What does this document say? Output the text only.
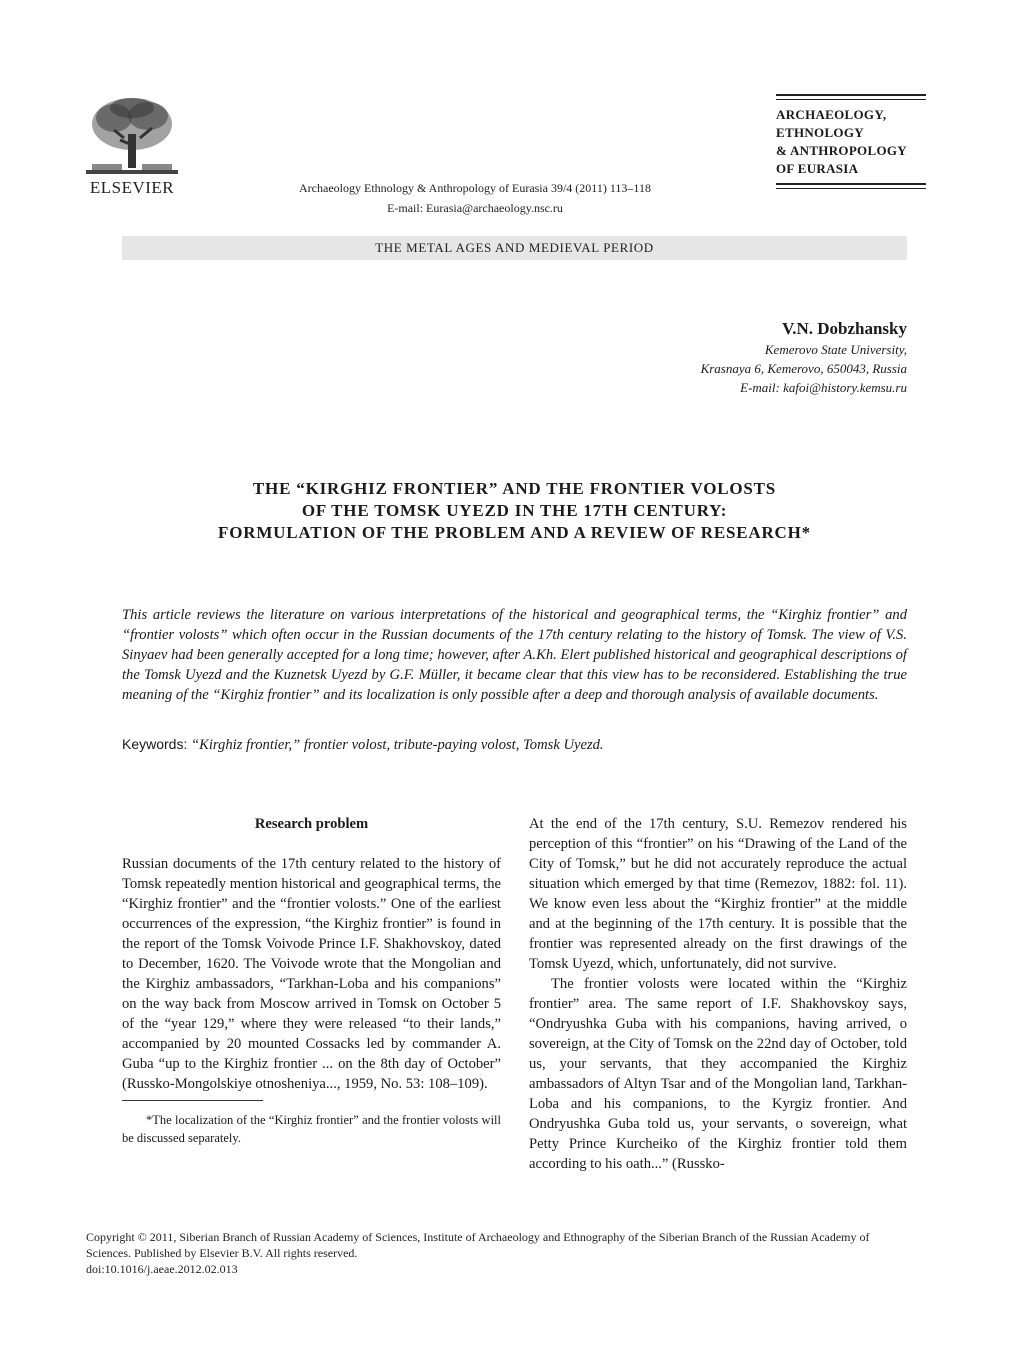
ELSEVIER	Archaeology Ethnology & Anthropology of Eurasia 39/4 (2011) 113–118
E-mail: Eurasia@archaeology.nsc.ru
ARCHAEOLOGY,
ETHNOLOGY
& ANTHROPOLOGY
OF EURASIA
THE METAL AGES AND MEDIEVAL PERIOD
V.N. Dobzhansky
Kemerovo State University,
Krasnaya 6, Kemerovo, 650043, Russia
E-mail: kafoi@history.kemsu.ru
THE “KIRGHIZ FRONTIER” AND THE FRONTIER VOLOSTS
OF THE TOMSK UYEZD IN THE 17TH CENTURY:
FORMULATION OF THE PROBLEM AND A REVIEW OF RESEARCH*
This article reviews the literature on various interpretations of the historical and geographical terms, the “Kirghiz frontier” and “frontier volosts” which often occur in the Russian documents of the 17th century relating to the history of Tomsk. The view of V.S. Sinyaev had been generally accepted for a long time; however, after A.Kh. Elert published historical and geographical descriptions of the Tomsk Uyezd and the Kuznetsk Uyezd by G.F. Müller, it became clear that this view has to be reconsidered. Establishing the true meaning of the “Kirghiz frontier” and its localization is only possible after a deep and thorough analysis of available documents.
Keywords: “Kirghiz frontier,” frontier volost, tribute-paying volost, Tomsk Uyezd.

Research problem

Russian documents of the 17th century related to the history of Tomsk repeatedly mention historical and geographical terms, the “Kirghiz frontier” and the “frontier volosts.” One of the earliest occurrences of the expression, “the Kirghiz frontier” is found in the report of the Tomsk Voivode Prince I.F. Shakhovskoy, dated to December, 1620. The Voivode wrote that the Mongolian and the Kirghiz ambassadors, “Tarkhan-Loba and his companions” on the way back from Moscow arrived in Tomsk on October 5 of the “year 129,” where they were released “to their lands,” accompanied by 20 mounted Cossacks led by commander A. Guba “up to the Kirghiz frontier ... on the 8th day of October” (Russko-Mongolskiye otnosheniya..., 1959, No. 53: 108–109).

*The localization of the “Kirghiz frontier” and the frontier volosts will be discussed separately.

At the end of the 17th century, S.U. Remezov rendered his perception of this “frontier” on his “Drawing of the Land of the City of Tomsk,” but he did not accurately reproduce the actual situation which emerged by that time (Remezov, 1882: fol. 11). We know even less about the “Kirghiz frontier” at the middle and at the beginning of the 17th century. It is possible that the frontier was represented already on the first drawings of the Tomsk Uyezd, which, unfortunately, did not survive.

The frontier volosts were located within the “Kirghiz frontier” area. The same report of I.F. Shakhovskoy says, “Ondryushka Guba with his companions, having arrived, o sovereign, at the City of Tomsk on the 22nd day of October, told us, your servants, that they accompanied the Kirghiz ambassadors of Altyn Tsar and of the Mongolian land, Tarkhan-Loba and his companions, to the Kyrgiz frontier. And Ondryushka Guba told us, your servants, o sovereign, what Petty Prince Kurcheiko of the Kirghiz frontier told them according to his oath...” (Russko-

Copyright © 2011, Siberian Branch of Russian Academy of Sciences, Institute of Archaeology and Ethnography of the Siberian Branch of the Russian Academy of Sciences. Published by Elsevier B.V. All rights reserved.
doi:10.1016/j.aeae.2012.02.013
